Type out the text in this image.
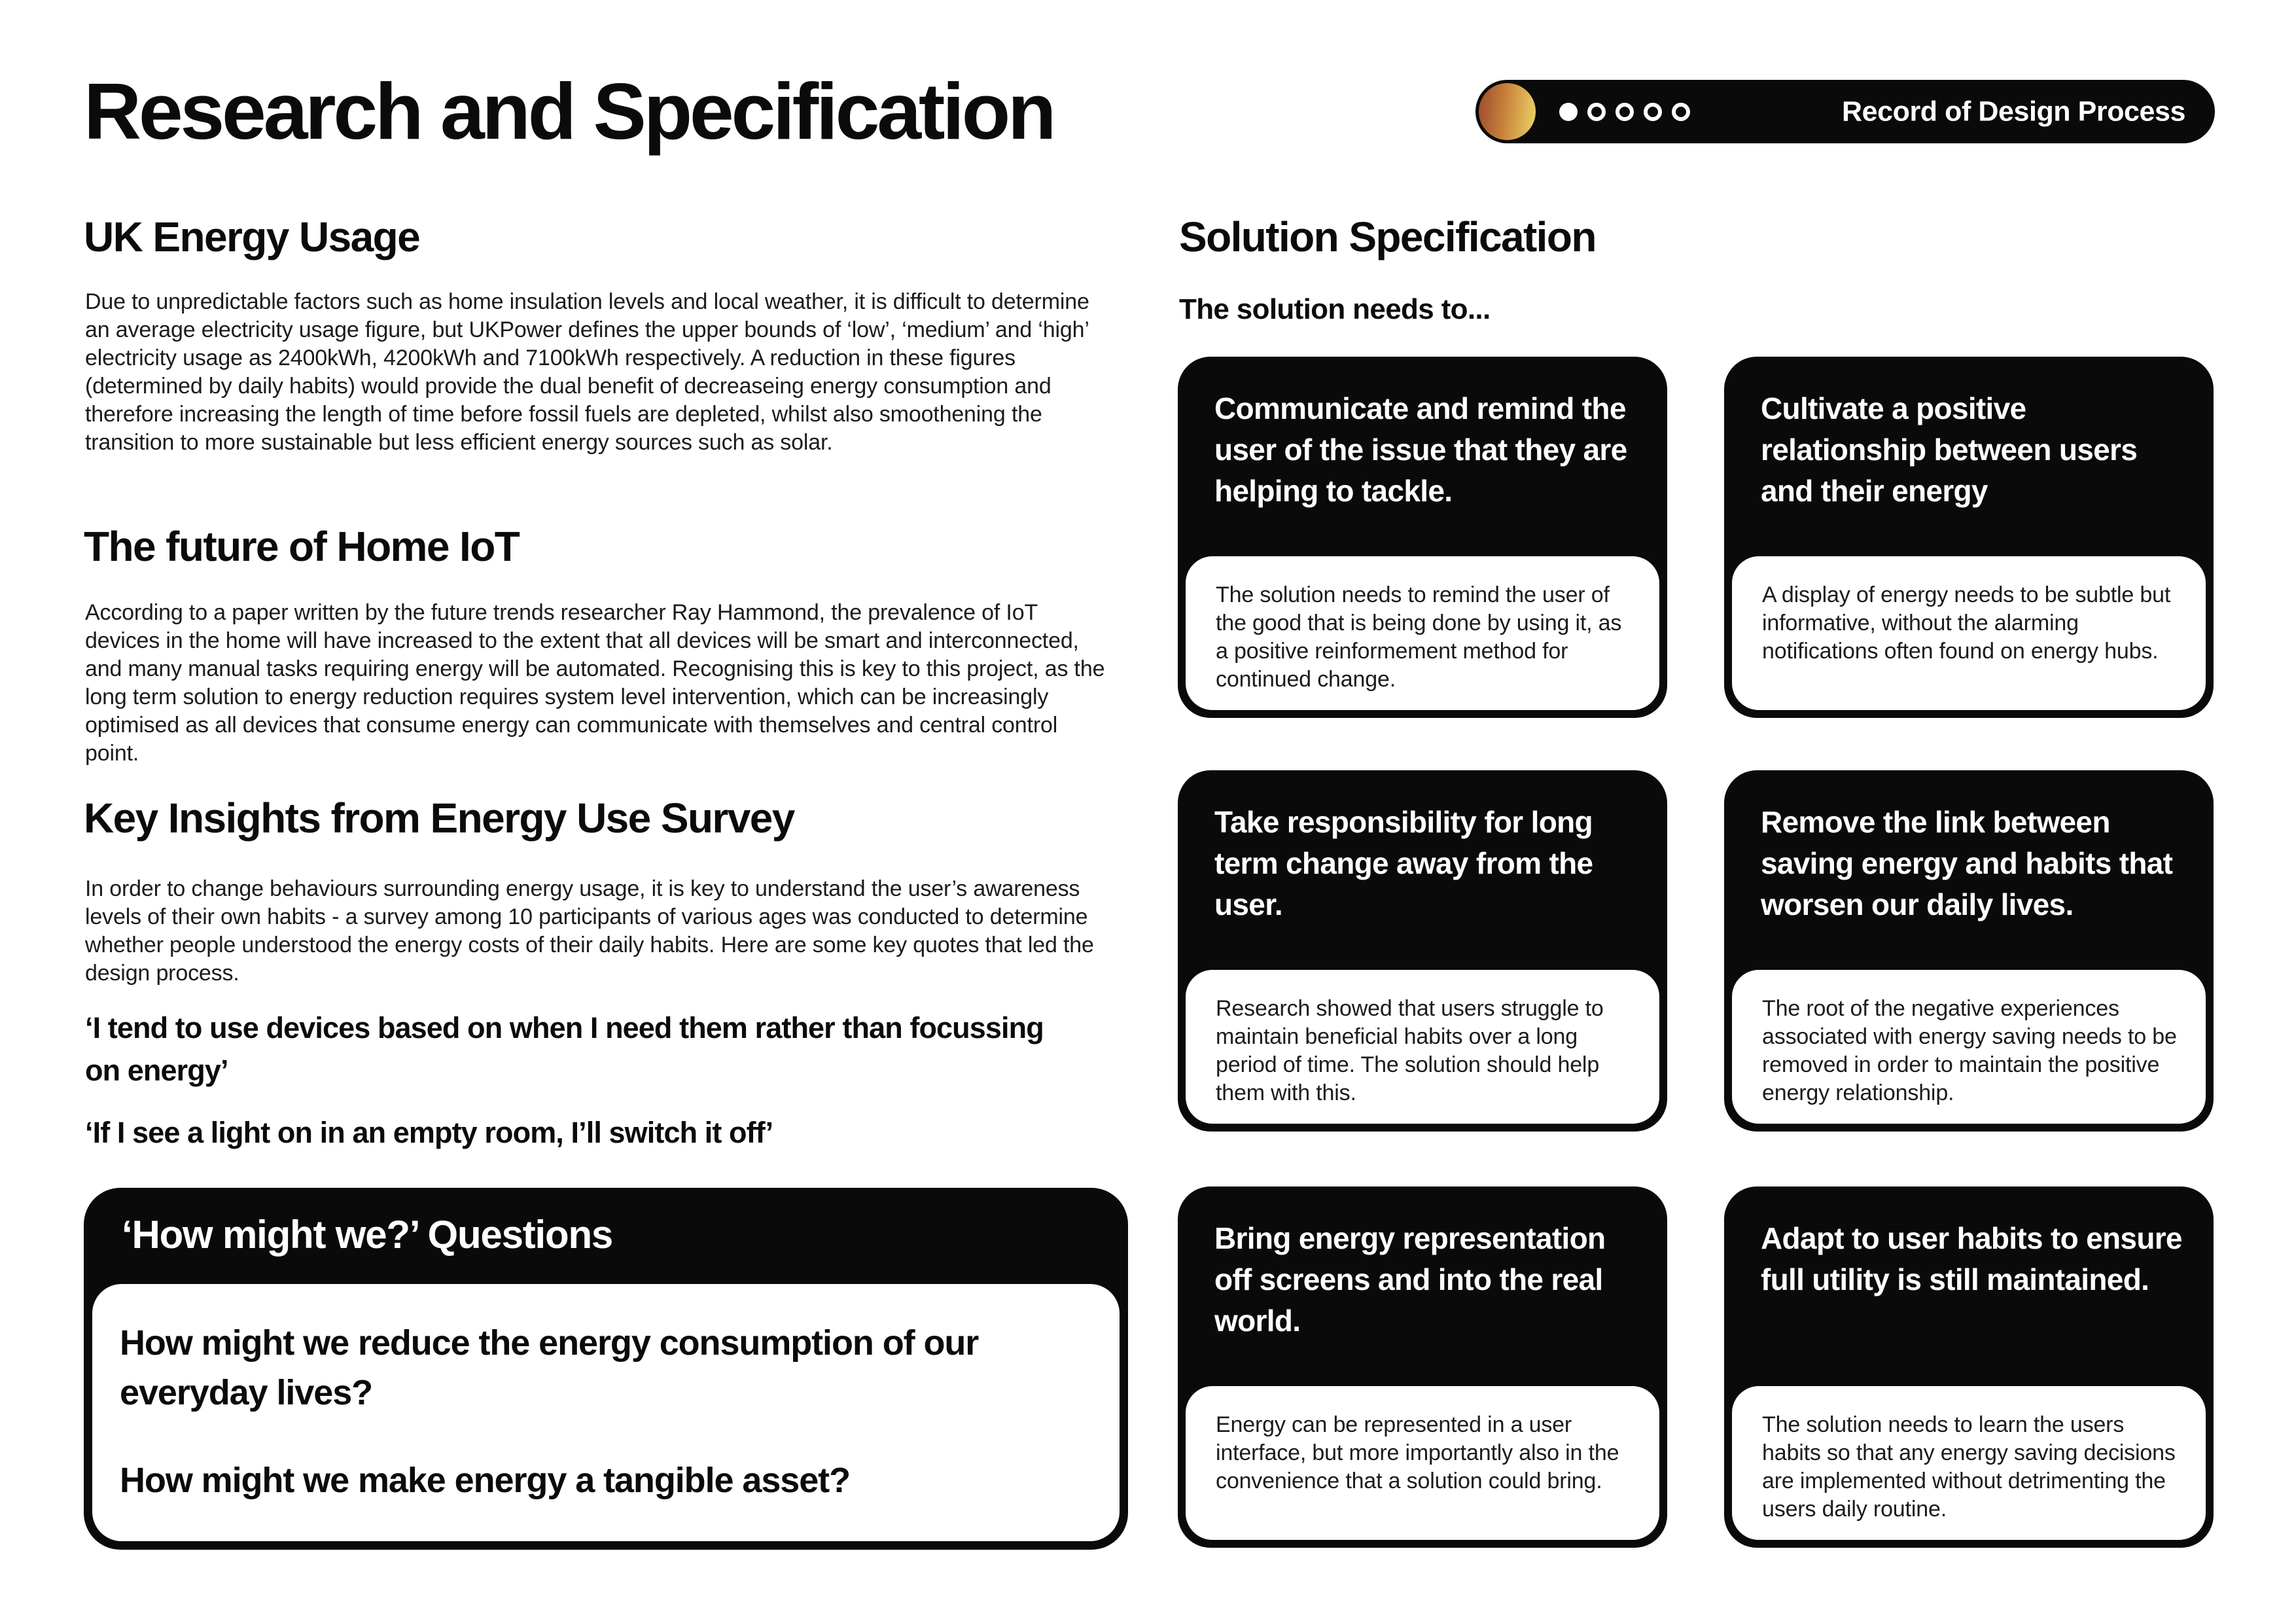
Research and Specification	Record of Design Process
UK Energy Usage

Due to unpredictable factors such as home insulation levels and local weather, it is difficult to determine an average electricity usage figure, but UKPower defines the upper bounds of ‘low’, ‘medium’ and ‘high’ electricity usage as 2400kWh, 4200kWh and 7100kWh respectively. A reduction in these figures (determined by daily habits) would provide the dual benefit of decreaseing energy consumption and therefore increasing the length of time before fossil fuels are depleted, whilst also smoothening the transition to more sustainable but less efficient energy sources such as solar.

The future of Home IoT

According to a paper written by the future trends researcher Ray Hammond, the prevalence of IoT devices in the home will have increased to the extent that all devices will be smart and interconnected, and many manual tasks requiring energy will be automated. Recognising this is key to this project, as the long term solution to energy reduction requires system level intervention, which can be increasingly optimised as all devices that consume energy can communicate with themselves and central control point.

Key Insights from Energy Use Survey

In order to change behaviours surrounding energy usage, it is key to understand the user’s awareness levels of their own habits - a survey among 10 participants of various ages was conducted to determine whether people understood the energy costs of their daily habits. Here are some key quotes that led the design process.

‘I tend to use devices based on when I need them rather than focussing on energy’

‘If I see a light on in an empty room, I’ll switch it off’

‘How might we?’ Questions

How might we reduce the energy consumption of our everyday lives?

How might we make energy a tangible asset?

Solution Specification

The solution needs to...

Communicate and remind the user of the issue that they are helping to tackle.

The solution needs to remind the user of the good that is being done by using it, as a positive reinformement method for continued change.

Cultivate a positive relationship between users and their energy

A display of energy needs to be subtle but informative, without the alarming notifications often found on energy hubs.

Take responsibility for long term change away from the user.

Research showed that users struggle to maintain beneficial habits over a long period of time. The solution should help them with this.

Remove the link between saving energy and habits that worsen our daily lives.

The root of the negative experiences associated with energy saving needs to be removed in order to maintain the positive energy relationship.

Bring energy representation off screens and into the real world.

Energy can be represented in a user interface, but more importantly also in the convenience that a solution could bring.

Adapt to user habits to ensure full utility is still maintained.

The solution needs to learn the users habits so that any energy saving decisions are implemented without detrimenting the users daily routine.
